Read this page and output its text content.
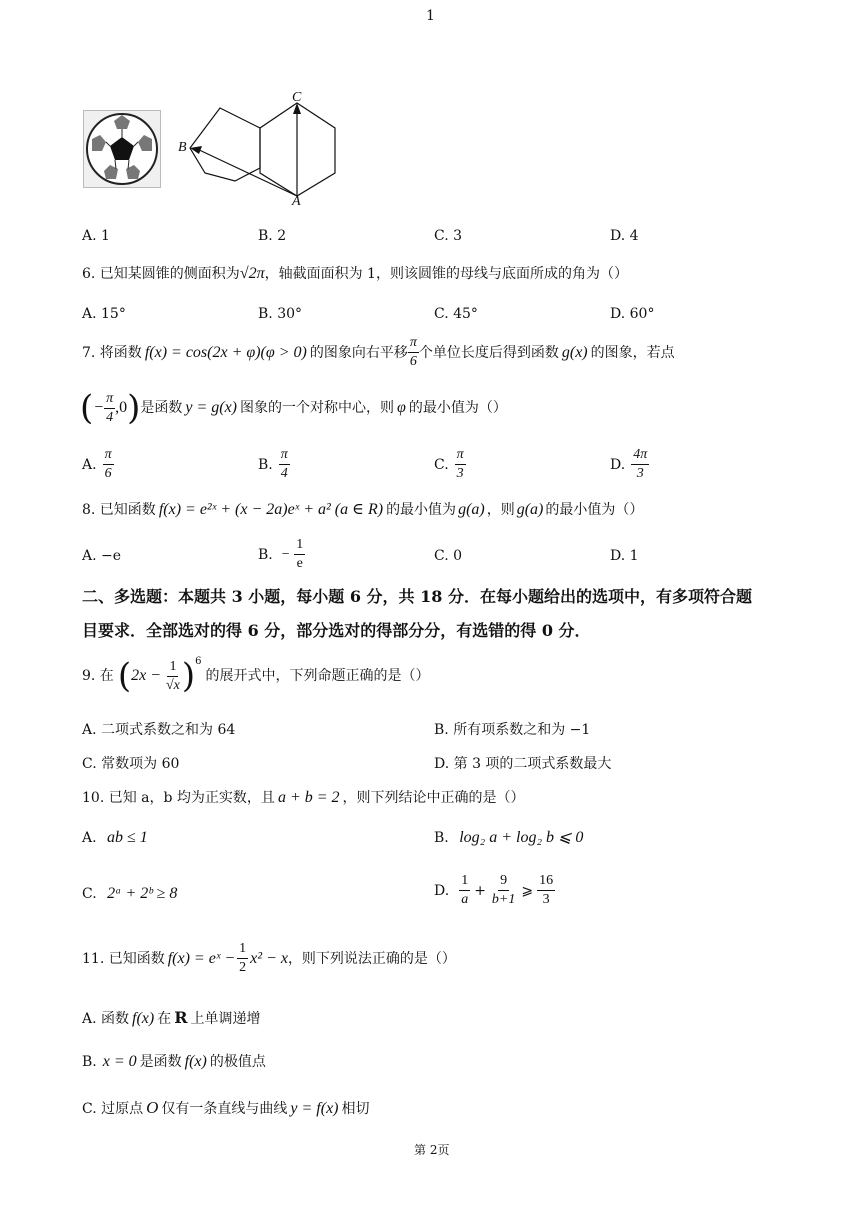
1
C
B
A
A. 1	B. 2	C. 3	D. 4
6. 已知某圆锥的侧面积为√2π，轴截面面积为 1，则该圆锥的母线与底面所成的角为（）
A. 15°	B. 30°	C. 45°	D. 60°
7. 将函数 f(x) = cos(2x + φ)(φ > 0) 的图象向右平移 $\frac{\pi}{6}$ 个单位长度后得到函数 g(x) 的图象，若点
( − $\frac{\pi}{4} ,0$ ) 是函数 y = g(x) 图象的一个对称中心，则 φ 的最小值为（）
A. $\frac{\pi}{6}$	B. $\frac{\pi}{4}$	C. $\frac{\pi}{3}$	D. $\frac{4\pi}{3}$
8. 已知函数 f(x) = e²ˣ + (x − 2a)eˣ + a² (a ∈ R) 的最小值为 g(a) ，则 g(a) 的最小值为（）
A. −e	B. − $\frac{1}{e}$	C. 0	D. 1
二、多选题：本题共 3 小题，每小题 6 分，共 18 分．在每小题给出的选项中，有多项符合题
目要求．全部选对的得 6 分，部分选对的得部分分，有选错的得 0 分．
9. 在 ( $2x - \frac{1}{√x}$ ) 6
的展开式中，下列命题正确的是（）
A. 二项式系数之和为 64	B. 所有项系数之和为 −1
C. 常数项为 60	D. 第 3 项的二项式系数最大
10. 已知 a，b 均为正实数，且 a + b = 2 ，则下列结论中正确的是（）
A. ab ≤ 1	B. log₂ a + log₂ b ⩽ 0
C. 2ᵃ + 2ᵇ ≥ 8	D. $\frac{1}{a} + \frac{9}{b+1}$ ⩾ $\frac{16}{3}$
11. 已知函数 f(x) = eˣ − $\frac{1}{2} x^2 - x$ ，则下列说法正确的是（）
A. 函数 f(x) 在 R 上单调递增
B. x = 0 是函数 f(x) 的极值点
C. 过原点 O 仅有一条直线与曲线 y = f(x) 相切
第 2页
